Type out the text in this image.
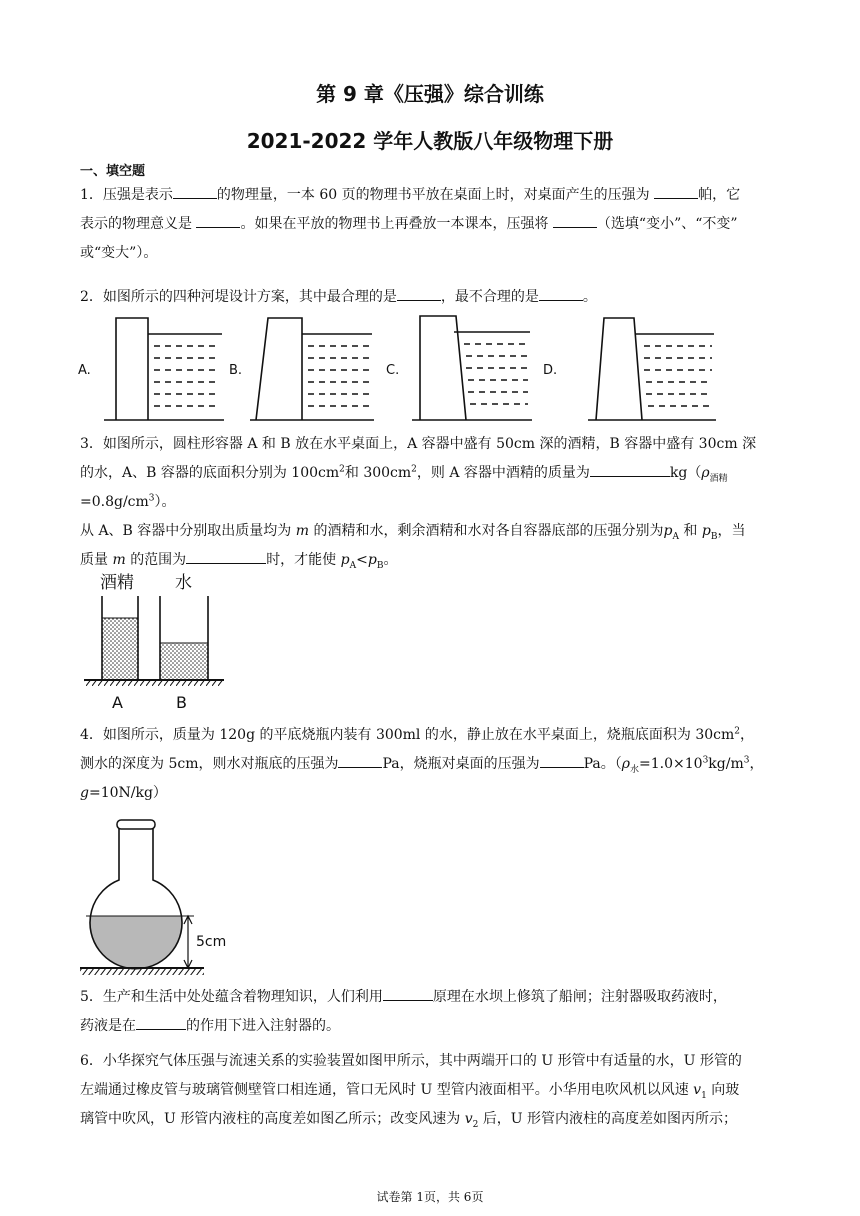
第 9 章《压强》综合训练
2021-2022 学年人教版八年级物理下册
一、填空题

1．压强是表示	的物理量，一本 60 页的物理书平放在桌面上时，对桌面产生的压强为	帕，它

表示的物理意义是	。如果在平放的物理书上再叠放一本课本，压强将	（选填“变小”、“不变”

或“变大”）。

2．如图所示的四种河堤设计方案，其中最合理的是	，最不合理的是	。

A.	B.	C.	D.

3．如图所示，圆柱形容器 A 和 B 放在水平桌面上，A 容器中盛有 50cm 深的酒精，B 容器中盛有 30cm 深

的水，A、B 容器的底面积分别为 $100cm^2$和 $300cm^2$，则 A 容器中酒精的质量为	$kg(\rho_{酒精}=0.8g/cm^3)$。

从 A、B 容器中分别取出质量均为 m 的酒精和水，剩余酒精和水对各自容器底部的压强分别为$p_A$ 和 $p_B$，当

质量 m 的范围为	时，才能使 $p_A<p_B$。

酒精 水
A	B

4．如图所示，质量为 120g 的平底烧瓶内装有 300ml 的水，静止放在水平桌面上，烧瓶底面积为 $30cm^2$，

测水的深度为 5cm，则水对瓶底的压强为	Pa，烧瓶对桌面的压强为	Pa。（$\rho_水=1.0\times 10^3kg/m^3$，

g=10N/kg）

5cm

5．生产和生活中处处蕴含着物理知识，人们利用	原理在水坝上修筑了船闸；注射器吸取药液时，

药液是在	的作用下进入注射器的。

6．小华探究气体压强与流速关系的实验装置如图甲所示，其中两端开口的 U 形管中有适量的水，U 形管的

左端通过橡皮管与玻璃管侧壁管口相连通，管口无风时 U 型管内液面相平。小华用电吹风机以风速 $v_1$ 向玻

璃管中吹风，U 形管内液柱的高度差如图乙所示；改变风速为 $v_2$ 后，U 形管内液柱的高度差如图丙所示；

试卷第 1页，共 6页
